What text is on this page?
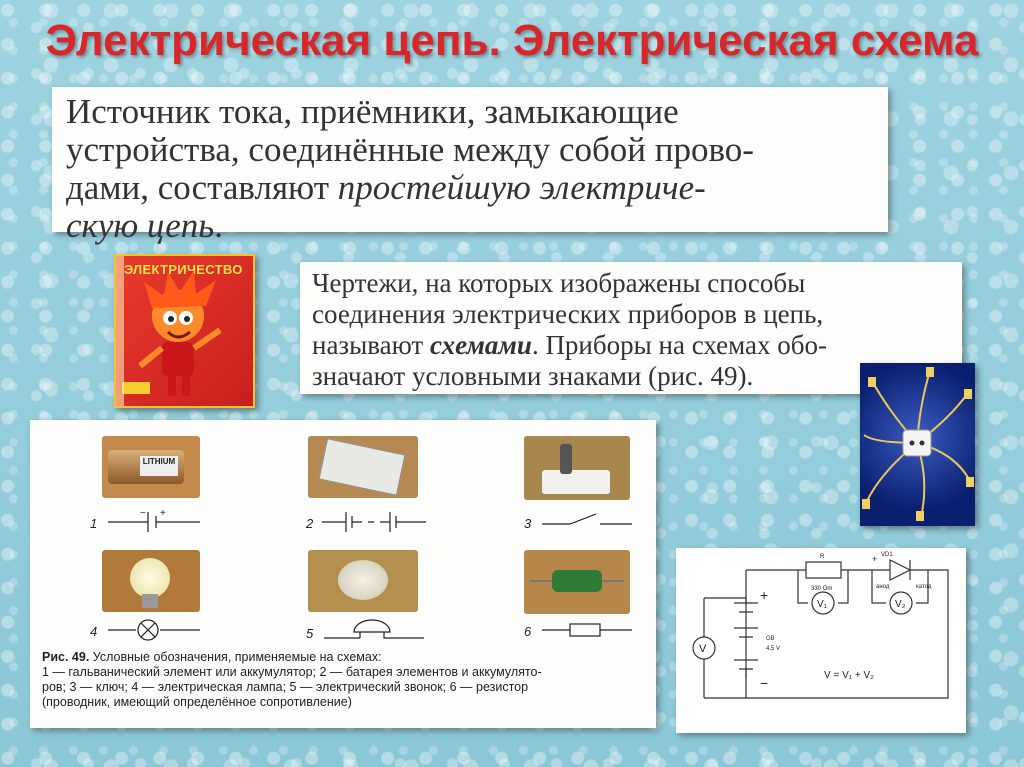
Электрическая цепь. Электрическая схема
Источник тока, приёмники, замыкающие
устройства, соединённые между собой прово-
дами, составляют простейшую электриче-
скую цепь.
ЭЛЕКТРИЧЕСТВО	Чертежи, на которых изображены способы
соединения электрических приборов в цепь,
называют схемами. Приборы на схемах обо-
значают условными знаками (рис. 49).
LITHIUM
1
− +
2	3
4	5	6
Рис. 49. Условные обозначения, применяемые на схемах:
1 — гальванический элемент или аккумулятор; 2 — батарея элементов и аккумулято-
ров; 3 — ключ; 4 — электрическая лампа; 5 — электрический звонок; 6 — резистор
(проводник, имеющий определённое сопротивление)
V
V₁	V₂
R
330 Om
VD1
анод	катод
GB
4,5 V
+
−
+
V = V₁ + V₂
